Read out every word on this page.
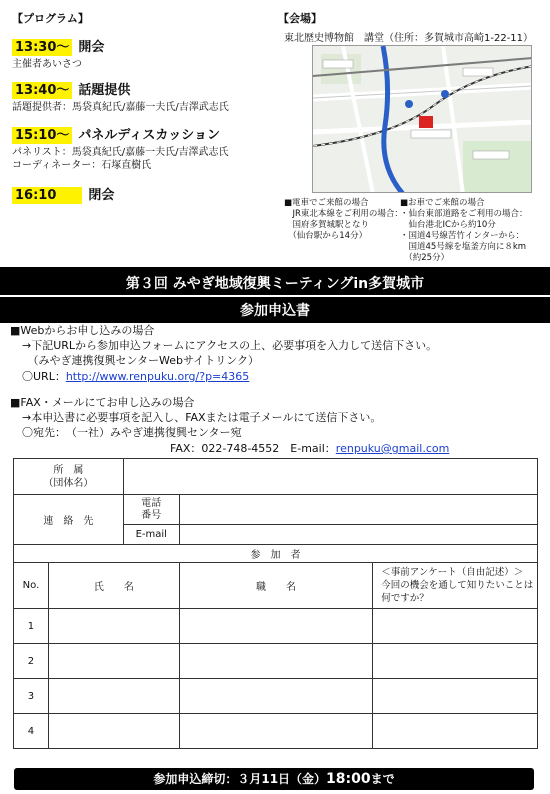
【プログラム】
13:30～ 開会
主催者あいさつ
13:40～ 話題提供
話題提供者：馬袋真紀氏/嘉藤一夫氏/吉澤武志氏
15:10～ パネルディスカッション
パネリスト：馬袋真紀氏/嘉藤一夫氏/吉澤武志氏
コーディネーター：石塚直樹氏
16:10 閉会
【会場】
東北歴史博物館　講堂（住所：多賀城市高崎1-22-11）
■電車でご来館の場合
　JR東北本線をご利用の場合：
　国府多賀城駅となり
　（仙台駅から14分）
■お車でご来館の場合
・仙台東部道路をご利用の場合：
　仙台港北ICから約10分
・国道4号線苦竹インターから：
　国道45号線を塩釜方向に８km
　（約25分）
第３回 みやぎ地域復興ミーティングin多賀城市
参加申込書
■Webからお申し込みの場合
→下記URLから参加申込フォームにアクセスの上、必要事項を入力して送信下さい。
　（みやぎ連携復興センターWebサイトリンク）
〇URL：http://www.renpuku.org/?p=4365
■FAX・メールにてお申し込みの場合
→本申込書に必要事項を記入し、FAXまたは電子メールにて送信下さい。
〇宛先：　（一社）みやぎ連携復興センター宛
FAX：022-748-4552　E-mail：renpuku@gmail.com
所　属
（団体名）				
連　絡　先		電話
番号		
		E-mail		
参　加　者				
No.	氏　　名		職　　名	＜事前アンケート（自由記述）＞
今回の機会を通して知りたいことは何ですか？
1				
2				
3				
4				
参加申込締切：３月11日（金）18:00まで
